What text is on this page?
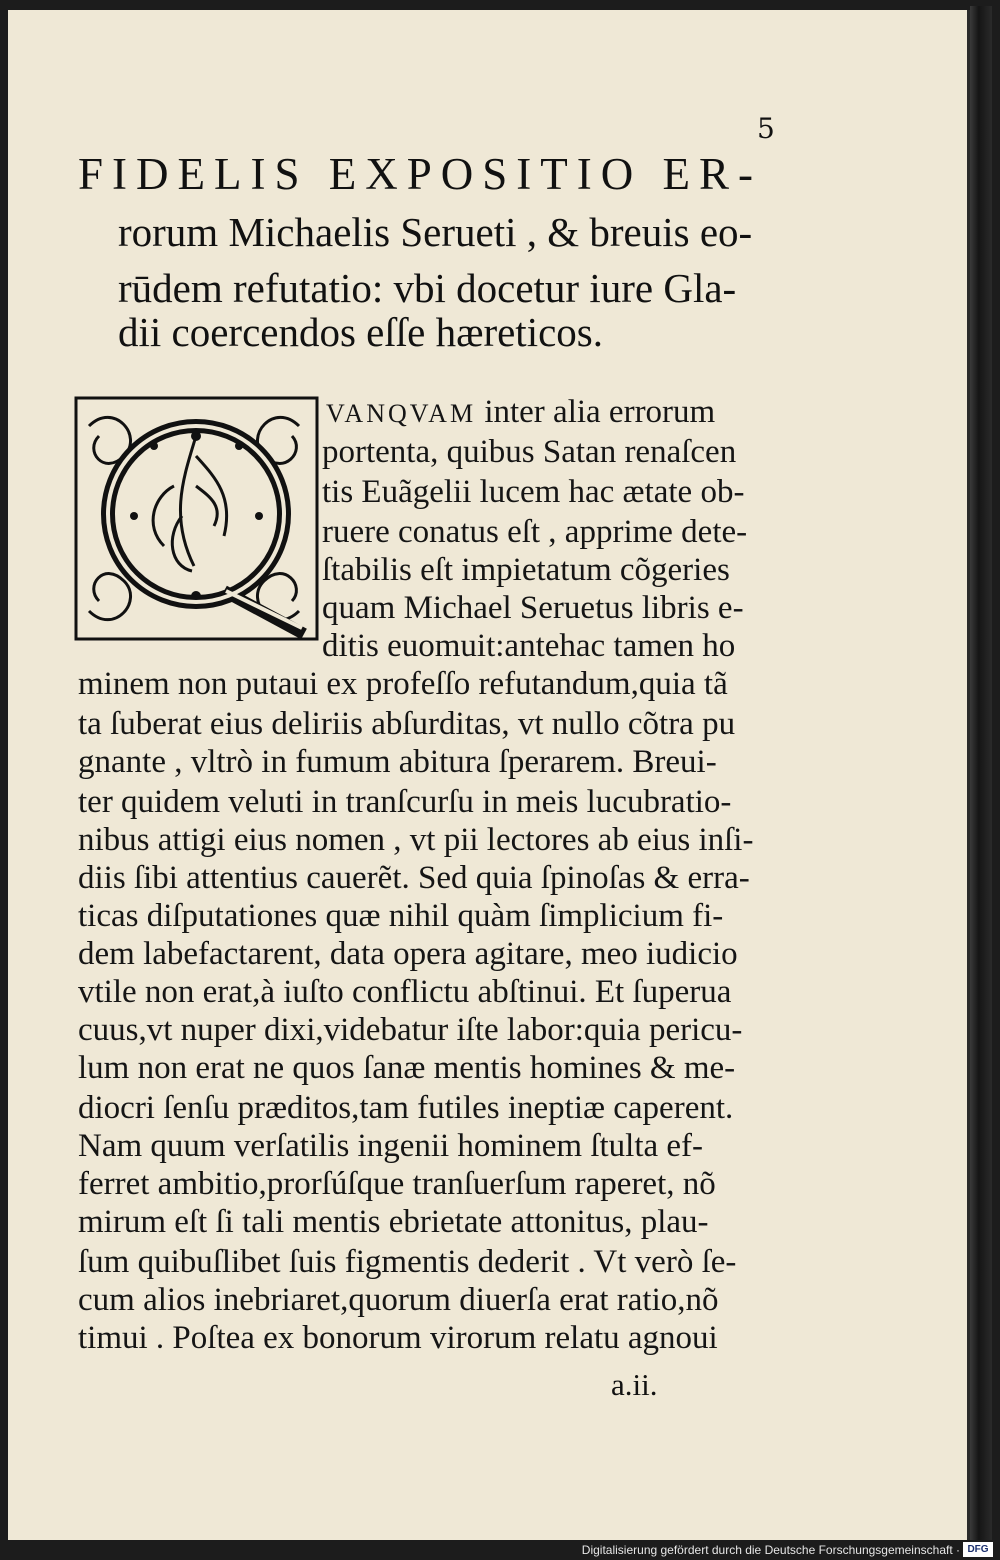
5
FIDELIS EXPOSITIO ER-
rorum Michaelis Serueti , & breuis eo-
rūdem refutatio: vbi docetur iure Gla-
dii coercendos eſſe hæreticos.
VANQVAM inter alia errorum
portenta, quibus Satan renaſcen
tis Euãgelii lucem hac ætate ob-
ruere conatus eſt , apprime dete-
ſtabilis eſt impietatum cõgeries
quam Michael Seruetus libris e-
ditis euomuit:antehac tamen ho
minem non putaui ex profeſſo refutandum,quia tã
ta ſuberat eius deliriis abſurditas, vt nullo cõtra pu
gnante , vltrò in fumum abitura ſperarem. Breui-
ter quidem veluti in tranſcurſu in meis lucubratio-
nibus attigi eius nomen , vt pii lectores ab eius inſi-
diis ſibi attentius cauerẽt. Sed quia ſpinoſas & erra-
ticas diſputationes quæ nihil quàm ſimplicium fi-
dem labefactarent, data opera agitare, meo iudicio
vtile non erat,à iuſto conflictu abſtinui. Et ſuperua
cuus,vt nuper dixi,videbatur iſte labor:quia pericu-
lum non erat ne quos ſanæ mentis homines & me-
diocri ſenſu præditos,tam futiles ineptiæ caperent.
Nam quum verſatilis ingenii hominem ſtulta ef-
ferret ambitio,prorſúſque tranſuerſum raperet, nõ
mirum eſt ſi tali mentis ebrietate attonitus, plau-
ſum quibuſlibet ſuis figmentis dederit . Vt verò ſe-
cum alios inebriaret,quorum diuerſa erat ratio,nõ
timui . Poſtea ex bonorum virorum relatu agnoui
a.ii.
Digitalisierung gefördert durch die Deutsche Forschungsgemeinschaft · DFG
